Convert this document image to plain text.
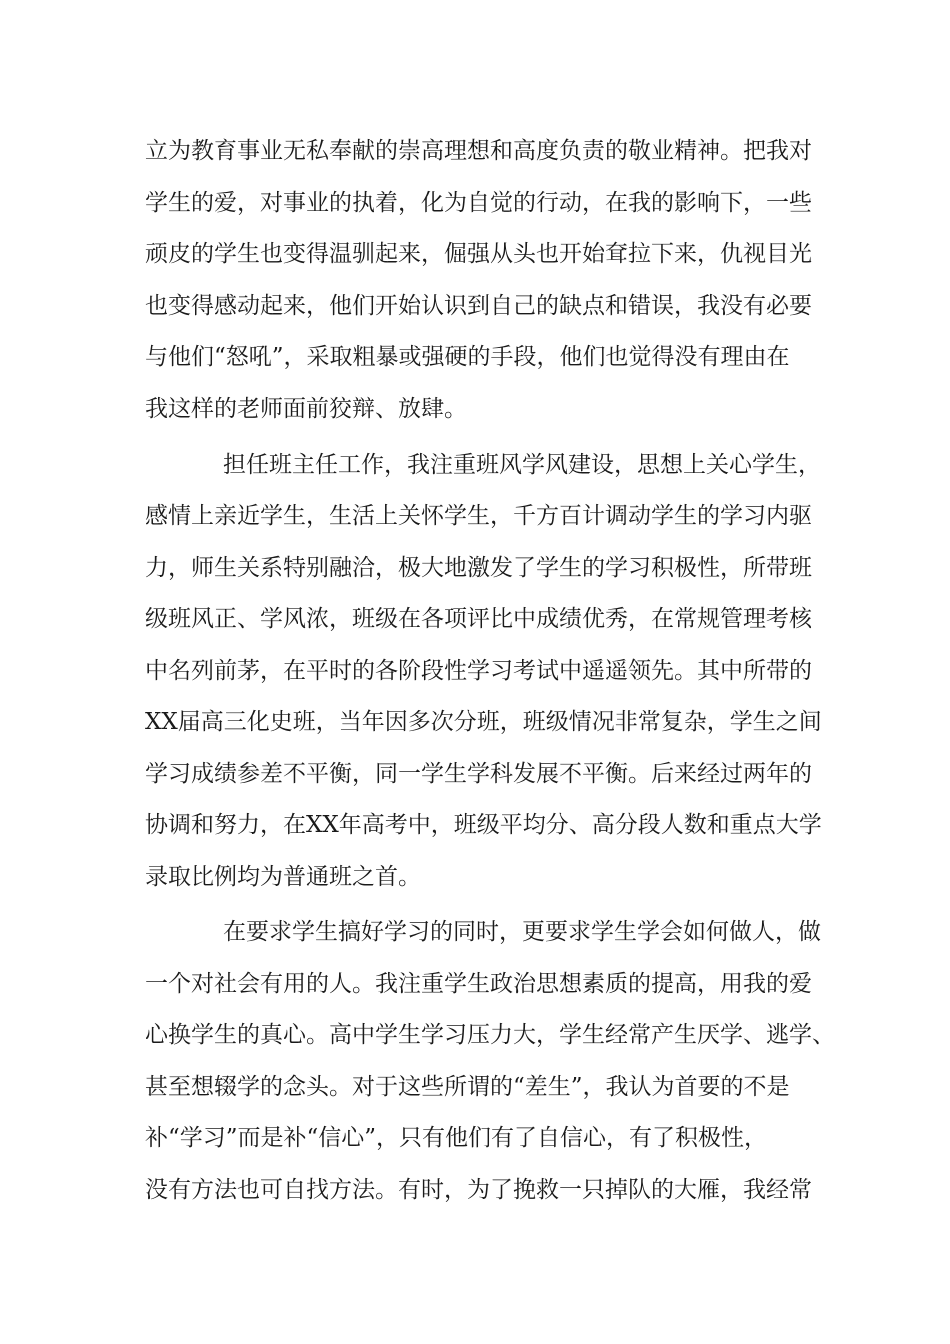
立为教育事业无私奉献的崇高理想和高度负责的敬业精神。把我对
学生的爱，对事业的执着，化为自觉的行动，在我的影响下，一些
顽皮的学生也变得温驯起来，倔强从头也开始耷拉下来，仇视目光
也变得感动起来，他们开始认识到自己的缺点和错误，我没有必要
与他们“怒吼”，采取粗暴或强硬的手段，他们也觉得没有理由在
我这样的老师面前狡辩、放肆。
担任班主任工作，我注重班风学风建设，思想上关心学生，
感情上亲近学生，生活上关怀学生，千方百计调动学生的学习内驱
力，师生关系特别融洽，极大地激发了学生的学习积极性，所带班
级班风正、学风浓，班级在各项评比中成绩优秀，在常规管理考核
中名列前茅，在平时的各阶段性学习考试中遥遥领先。其中所带的
XX届高三化史班，当年因多次分班，班级情况非常复杂，学生之间
学习成绩参差不平衡，同一学生学科发展不平衡。后来经过两年的
协调和努力，在XX年高考中，班级平均分、高分段人数和重点大学
录取比例均为普通班之首。
在要求学生搞好学习的同时，更要求学生学会如何做人，做
一个对社会有用的人。我注重学生政治思想素质的提高，用我的爱
心换学生的真心。高中学生学习压力大，学生经常产生厌学、逃学、
甚至想辍学的念头。对于这些所谓的“差生”，我认为首要的不是
补“学习”而是补“信心”，只有他们有了自信心，有了积极性，
没有方法也可自找方法。有时，为了挽救一只掉队的大雁，我经常
